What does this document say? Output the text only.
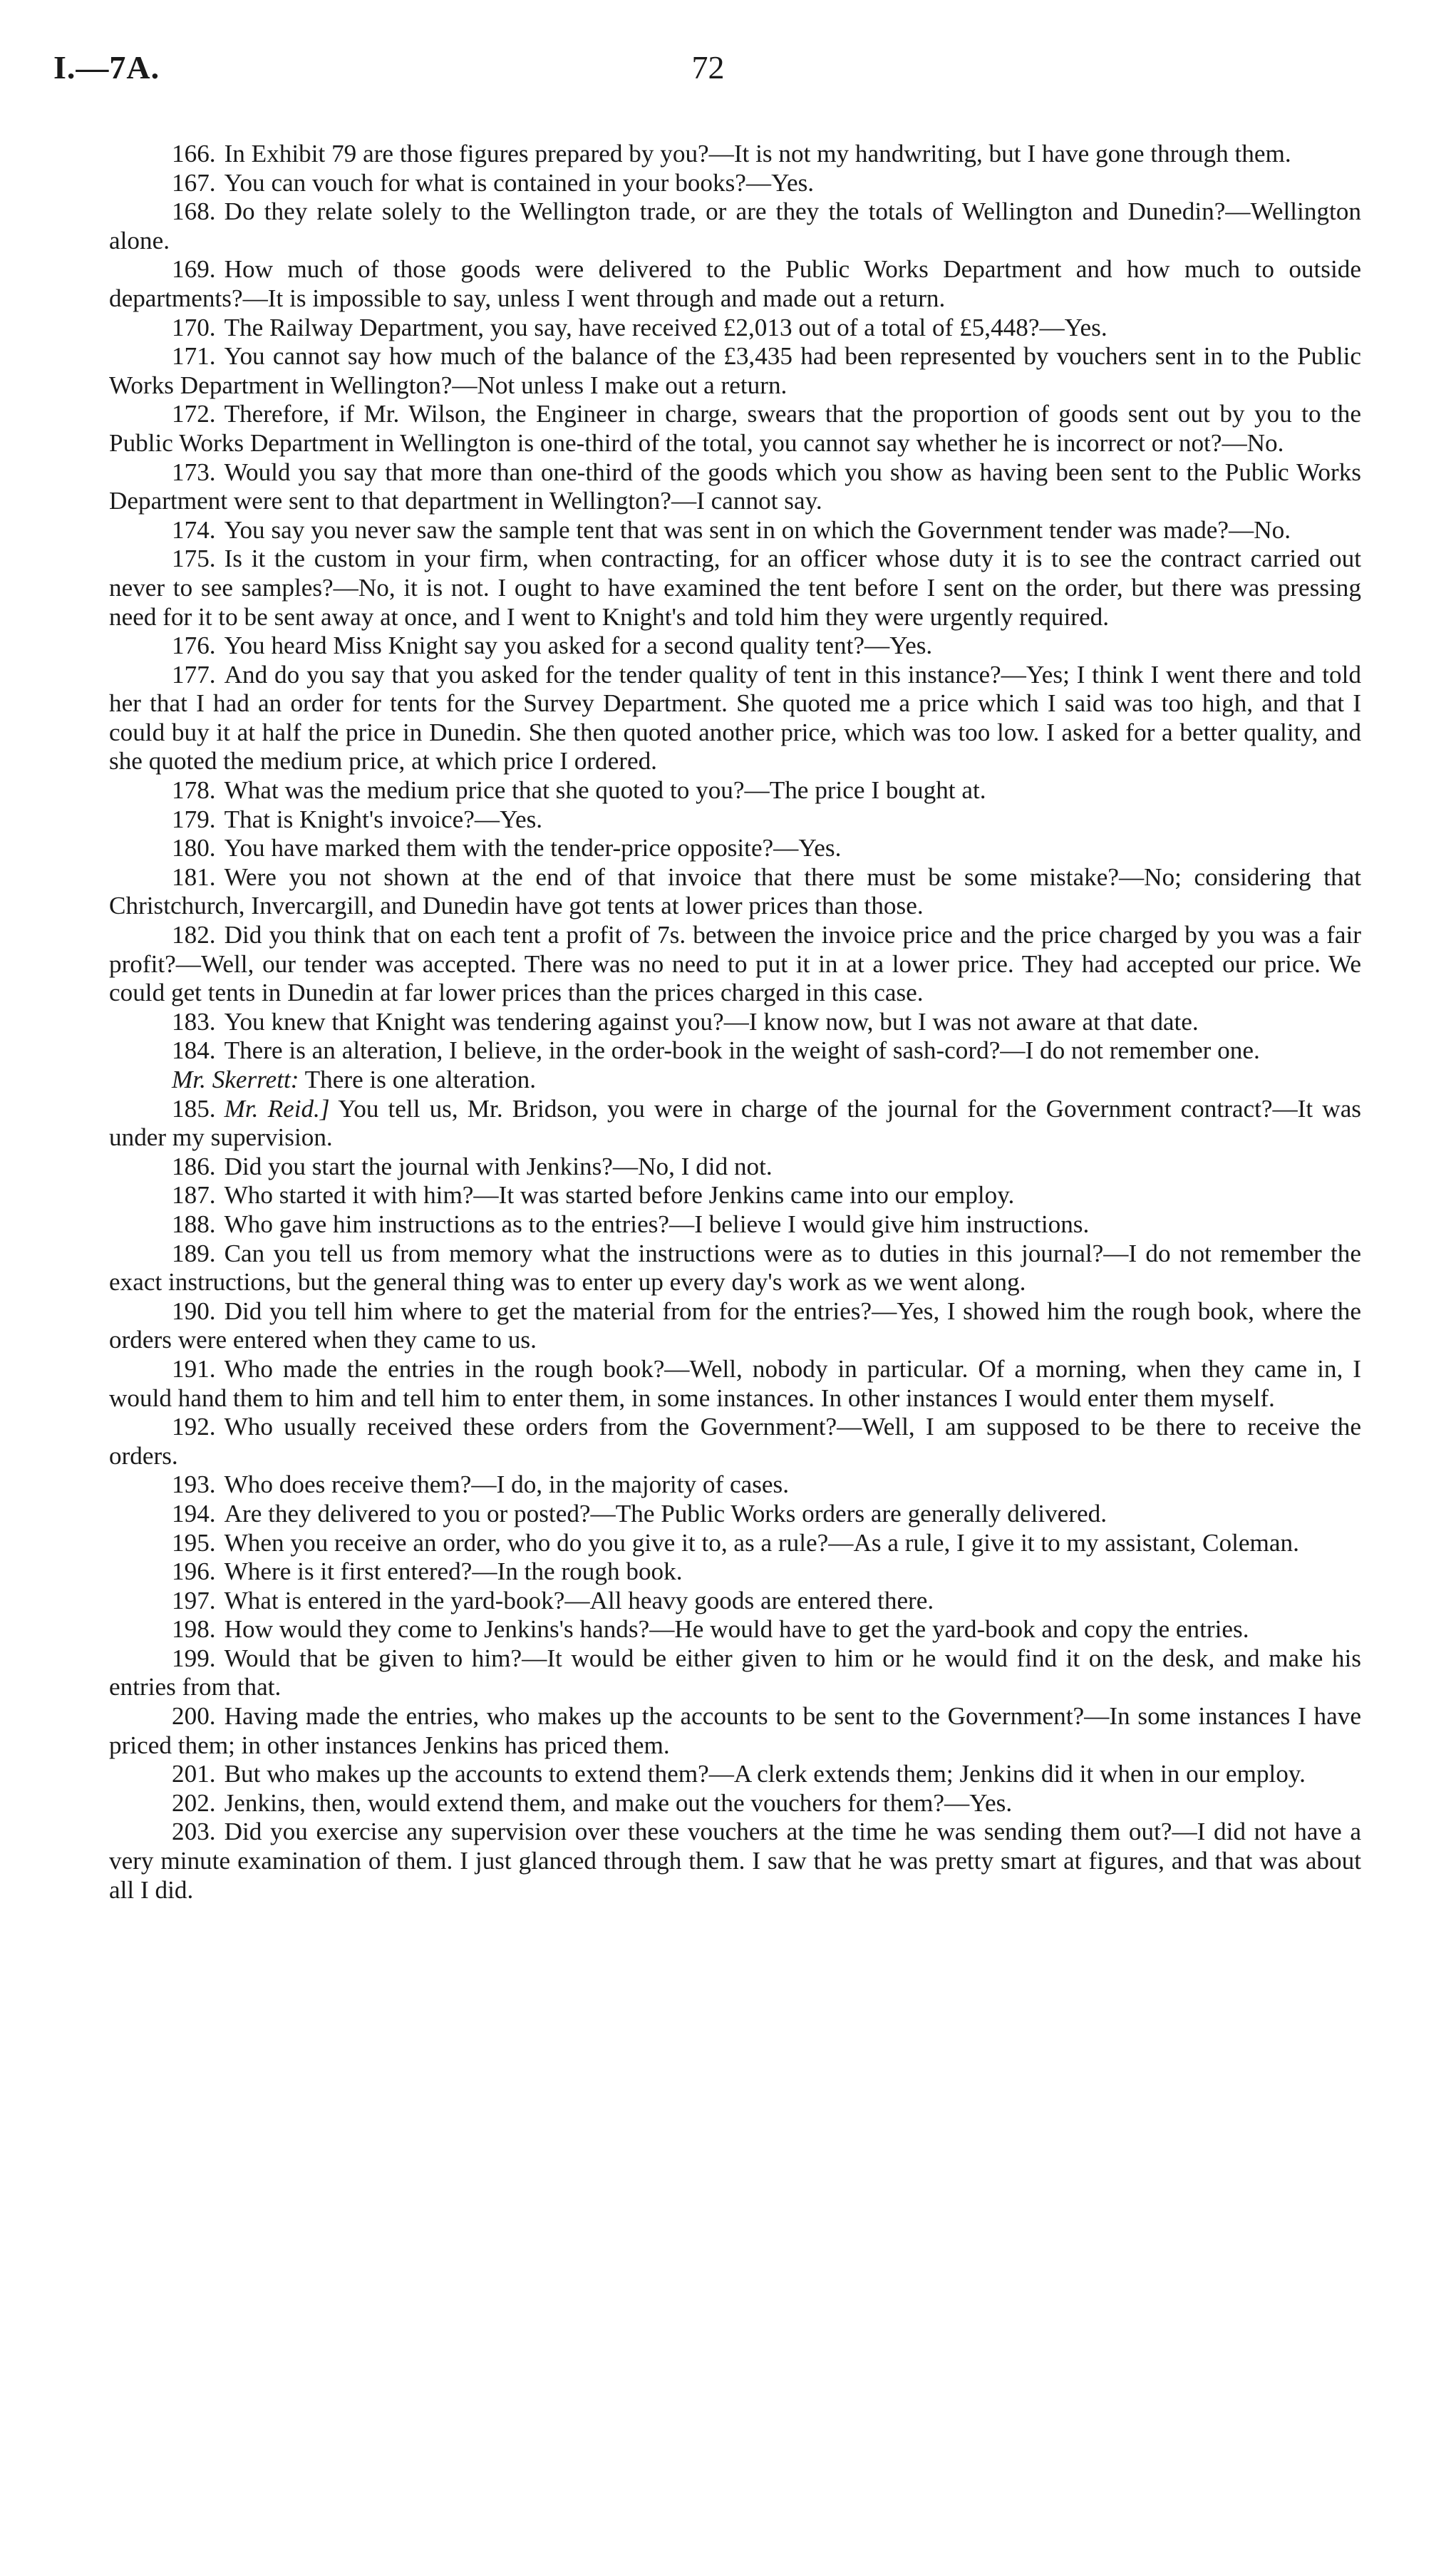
I.—7A.	72

166. In Exhibit 79 are those figures prepared by you?—It is not my handwriting, but I have gone through them.

167. You can vouch for what is contained in your books?—Yes.

168. Do they relate solely to the Wellington trade, or are they the totals of Wellington and Dunedin?—Wellington alone.

169. How much of those goods were delivered to the Public Works Department and how much to outside departments?—It is impossible to say, unless I went through and made out a return.

170. The Railway Department, you say, have received £2,013 out of a total of £5,448?—Yes.

171. You cannot say how much of the balance of the £3,435 had been represented by vouchers sent in to the Public Works Department in Wellington?—Not unless I make out a return.

172. Therefore, if Mr. Wilson, the Engineer in charge, swears that the proportion of goods sent out by you to the Public Works Department in Wellington is one-third of the total, you cannot say whether he is incorrect or not?—No.

173. Would you say that more than one-third of the goods which you show as having been sent to the Public Works Department were sent to that department in Wellington?—I cannot say.

174. You say you never saw the sample tent that was sent in on which the Government tender was made?—No.

175. Is it the custom in your firm, when contracting, for an officer whose duty it is to see the contract carried out never to see samples?—No, it is not. I ought to have examined the tent before I sent on the order, but there was pressing need for it to be sent away at once, and I went to Knight's and told him they were urgently required.

176. You heard Miss Knight say you asked for a second quality tent?—Yes.

177. And do you say that you asked for the tender quality of tent in this instance?—Yes; I think I went there and told her that I had an order for tents for the Survey Department. She quoted me a price which I said was too high, and that I could buy it at half the price in Dunedin. She then quoted another price, which was too low. I asked for a better quality, and she quoted the medium price, at which price I ordered.

178. What was the medium price that she quoted to you?—The price I bought at.

179. That is Knight's invoice?—Yes.

180. You have marked them with the tender-price opposite?—Yes.

181. Were you not shown at the end of that invoice that there must be some mistake?—No; considering that Christchurch, Invercargill, and Dunedin have got tents at lower prices than those.

182. Did you think that on each tent a profit of 7s. between the invoice price and the price charged by you was a fair profit?—Well, our tender was accepted. There was no need to put it in at a lower price. They had accepted our price. We could get tents in Dunedin at far lower prices than the prices charged in this case.

183. You knew that Knight was tendering against you?—I know now, but I was not aware at that date.

184. There is an alteration, I believe, in the order-book in the weight of sash-cord?—I do not remember one.

Mr. Skerrett: There is one alteration.

185. Mr. Reid.] You tell us, Mr. Bridson, you were in charge of the journal for the Government contract?—It was under my supervision.

186. Did you start the journal with Jenkins?—No, I did not.

187. Who started it with him?—It was started before Jenkins came into our employ.

188. Who gave him instructions as to the entries?—I believe I would give him instructions.

189. Can you tell us from memory what the instructions were as to duties in this journal?—I do not remember the exact instructions, but the general thing was to enter up every day's work as we went along.

190. Did you tell him where to get the material from for the entries?—Yes, I showed him the rough book, where the orders were entered when they came to us.

191. Who made the entries in the rough book?—Well, nobody in particular. Of a morning, when they came in, I would hand them to him and tell him to enter them, in some instances. In other instances I would enter them myself.

192. Who usually received these orders from the Government?—Well, I am supposed to be there to receive the orders.

193. Who does receive them?—I do, in the majority of cases.

194. Are they delivered to you or posted?—The Public Works orders are generally delivered.

195. When you receive an order, who do you give it to, as a rule?—As a rule, I give it to my assistant, Coleman.

196. Where is it first entered?—In the rough book.

197. What is entered in the yard-book?—All heavy goods are entered there.

198. How would they come to Jenkins's hands?—He would have to get the yard-book and copy the entries.

199. Would that be given to him?—It would be either given to him or he would find it on the desk, and make his entries from that.

200. Having made the entries, who makes up the accounts to be sent to the Government?—In some instances I have priced them; in other instances Jenkins has priced them.

201. But who makes up the accounts to extend them?—A clerk extends them; Jenkins did it when in our employ.

202. Jenkins, then, would extend them, and make out the vouchers for them?—Yes.

203. Did you exercise any supervision over these vouchers at the time he was sending them out?—I did not have a very minute examination of them. I just glanced through them. I saw that he was pretty smart at figures, and that was about all I did.
